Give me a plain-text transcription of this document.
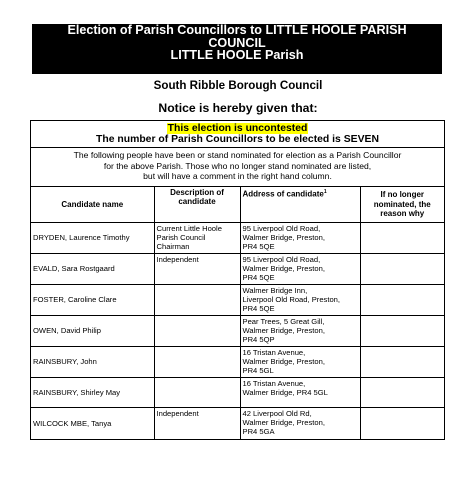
Election of Parish Councillors to LITTLE HOOLE PARISH
COUNCIL
LITTLE HOOLE Parish
South Ribble Borough Council
Notice is hereby given that:
This election is uncontested
The number of Parish Councillors to be elected is SEVEN
The following people have been or stand nominated for election as a Parish Councillor
for the above Parish. Those who no longer stand nominated are listed,
but will have a comment in the right hand column.
Candidate name	Description of candidate	Address of candidate$^1$	If no longer nominated, the reason why
DRYDEN, Laurence Timothy	Current Little Hoole
Parish Council
Chairman	95 Liverpool Old Road,
Walmer Bridge, Preston,
PR4 5QE	
EVALD, Sara Rostgaard	Independent	95 Liverpool Old Road,
Walmer Bridge, Preston,
PR4 5QE	
FOSTER, Caroline Clare		Walmer Bridge Inn,
Liverpool Old Road, Preston,
PR4 5QE	
OWEN, David Philip		Pear Trees, 5 Great Gill,
Walmer Bridge, Preston,
PR4 5QP	
RAINSBURY, John		16 Tristan Avenue,
Walmer Bridge, Preston,
PR4 5GL	
RAINSBURY, Shirley May		16 Tristan Avenue,
Walmer Bridge, PR4 5GL	
WILCOCK MBE, Tanya	Independent	42 Liverpool Old Rd,
Walmer Bridge, Preston,
PR4 5GA	
